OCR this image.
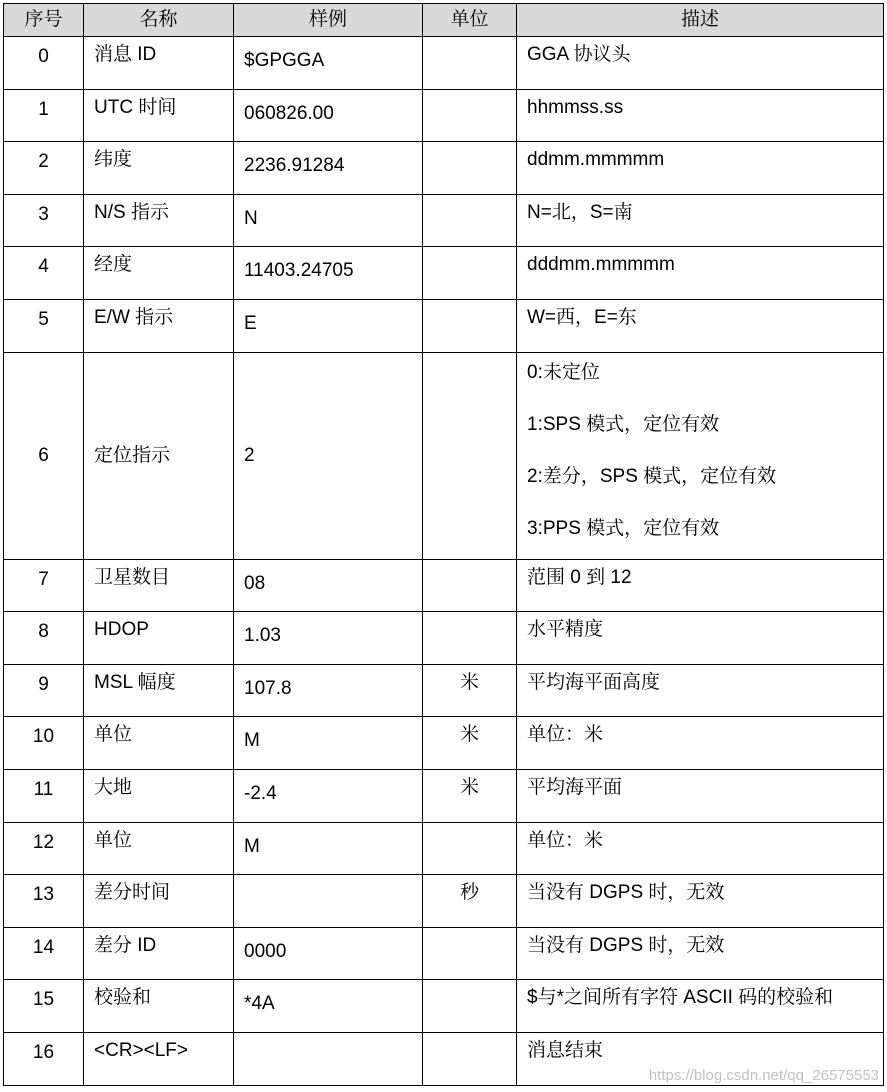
序号	名称	样例	单位	描述
0	消息 ID	$GPGGA		GGA 协议头
1	UTC 时间	060826.00		hhmmss.ss
2	纬度	2236.91284		ddmm.mmmmm
3	N/S 指示	N		N=北，S=南
4	经度	11403.24705		dddmm.mmmmm
5	E/W 指示	E		W=西，E=东
6	定位指示	2		0:未定位
1:SPS 模式，定位有效
2:差分，SPS 模式，定位有效
3:PPS 模式，定位有效

7	卫星数目	08		范围 0 到 12
8	HDOP	1.03		水平精度
9	MSL 幅度	107.8	米	平均海平面高度
10	单位	M	米	单位：米
11	大地	-2.4	米	平均海平面
12	单位	M		单位：米
13	差分时间		秒	当没有 DGPS 时，无效
14	差分 ID	0000		当没有 DGPS 时，无效
15	校验和	*4A		$与*之间所有字符 ASCII 码的校验和
16	<CR><LF>			消息结束
https://blog.csdn.net/qq_26575553
